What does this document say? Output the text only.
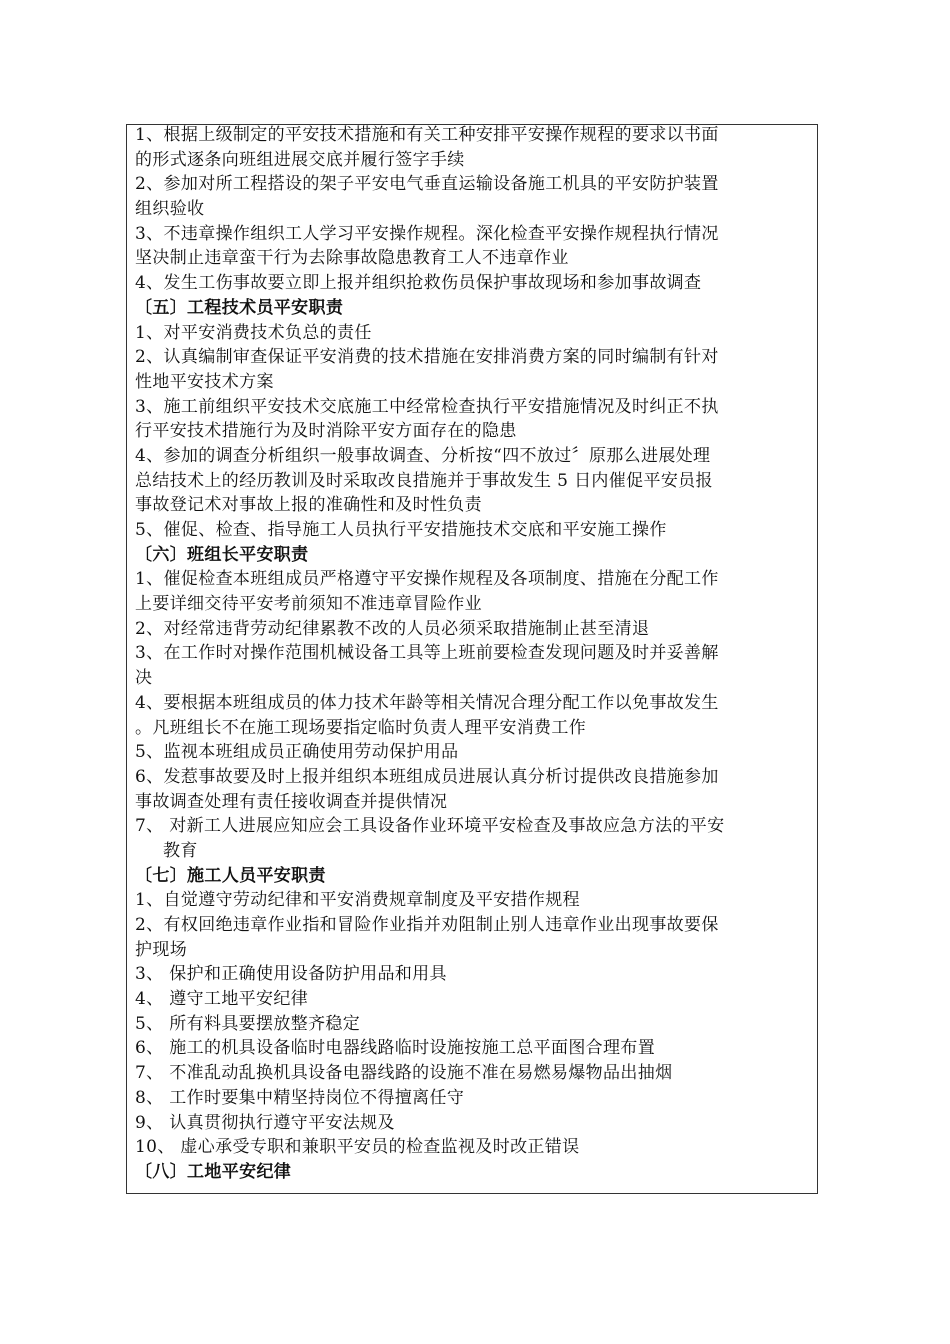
1、根据上级制定的平安技术措施和有关工种安排平安操作规程的要求以书面
的形式逐条向班组进展交底并履行签字手续
2、参加对所工程搭设的架子平安电气垂直运输设备施工机具的平安防护装置
组织验收
3、不违章操作组织工人学习平安操作规程。深化检查平安操作规程执行情况
坚决制止违章蛮干行为去除事故隐患教育工人不违章作业
4、发生工伤事故要立即上报并组织抢救伤员保护事故现场和参加事故调查
〔五〕工程技术员平安职责
1、对平安消费技术负总的责任
2、认真编制审查保证平安消费的技术措施在安排消费方案的同时编制有针对
性地平安技术方案
3、施工前组织平安技术交底施工中经常检查执行平安措施情况及时纠正不执
行平安技术措施行为及时消除平安方面存在的隐患
4、参加的调查分析组织一般事故调查、分析按“四不放过〞原那么进展处理
总结技术上的经历教训及时采取改良措施并于事故发生 5 日内催促平安员报
事故登记术对事故上报的准确性和及时性负责
5、催促、检查、指导施工人员执行平安措施技术交底和平安施工操作
〔六〕班组长平安职责
1、催促检查本班组成员严格遵守平安操作规程及各项制度、措施在分配工作
上要详细交待平安考前须知不准违章冒险作业
2、对经常违背劳动纪律累教不改的人员必须采取措施制止甚至清退
3、在工作时对操作范围机械设备工具等上班前要检查发现问题及时并妥善解
决
4、要根据本班组成员的体力技术年龄等相关情况合理分配工作以免事故发生
。凡班组长不在施工现场要指定临时负责人理平安消费工作
5、监视本班组成员正确使用劳动保护用品
6、发惹事故要及时上报并组织本班组成员进展认真分析讨提供改良措施参加
事故调查处理有责任接收调查并提供情况
7、 对新工人进展应知应会工具设备作业环境平安检查及事故应急方法的平安
教育
〔七〕施工人员平安职责
1、自觉遵守劳动纪律和平安消费规章制度及平安措作规程
2、有权回绝违章作业指和冒险作业指并劝阻制止别人违章作业出现事故要保
护现场
3、 保护和正确使用设备防护用品和用具
4、 遵守工地平安纪律
5、 所有料具要摆放整齐稳定
6、 施工的机具设备临时电器线路临时设施按施工总平面图合理布置
7、 不准乱动乱换机具设备电器线路的设施不准在易燃易爆物品出抽烟
8、 工作时要集中精坚持岗位不得擅离任守
9、 认真贯彻执行遵守平安法规及
10、 虚心承受专职和兼职平安员的检查监视及时改正错误
〔八〕工地平安纪律
